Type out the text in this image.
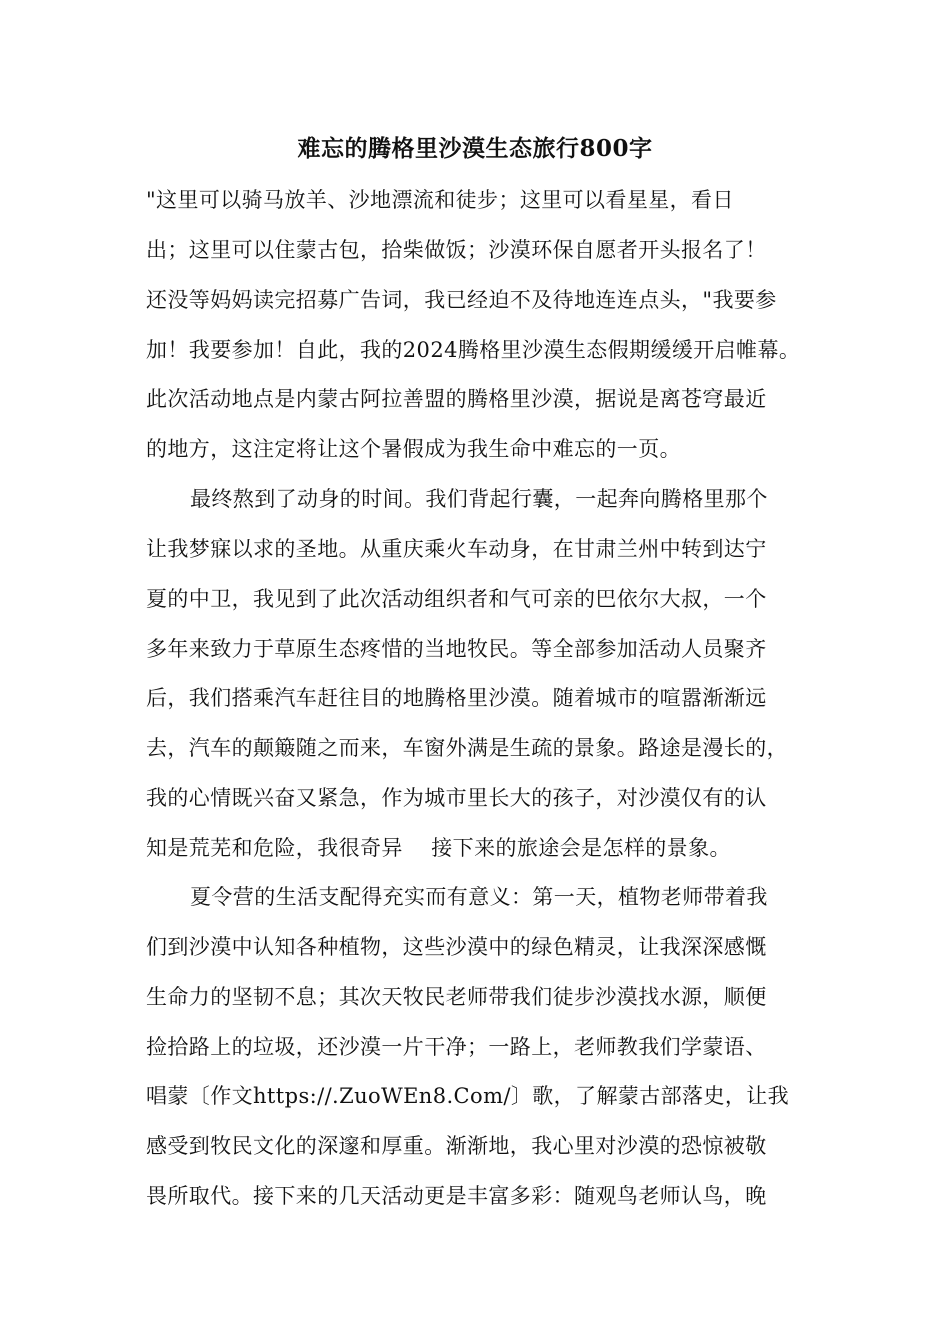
难忘的腾格里沙漠生态旅行800字
"这里可以骑马放羊、沙地漂流和徒步；这里可以看星星，看日
出；这里可以住蒙古包，拾柴做饭；沙漠环保自愿者开头报名了！
还没等妈妈读完招募广告词，我已经迫不及待地连连点头，"我要参
加！我要参加！自此，我的2024腾格里沙漠生态假期缓缓开启帷幕。
此次活动地点是内蒙古阿拉善盟的腾格里沙漠，据说是离苍穹最近
的地方，这注定将让这个暑假成为我生命中难忘的一页。
最终熬到了动身的时间。我们背起行囊，一起奔向腾格里那个
让我梦寐以求的圣地。从重庆乘火车动身，在甘肃兰州中转到达宁
夏的中卫，我见到了此次活动组织者和气可亲的巴依尔大叔，一个
多年来致力于草原生态疼惜的当地牧民。等全部参加活动人员聚齐
后，我们搭乘汽车赶往目的地腾格里沙漠。随着城市的喧嚣渐渐远
去，汽车的颠簸随之而来，车窗外满是生疏的景象。路途是漫长的，
我的心情既兴奋又紧急，作为城市里长大的孩子，对沙漠仅有的认
知是荒芜和危险，我很奇异　 接下来的旅途会是怎样的景象。
夏令营的生活支配得充实而有意义：第一天，植物老师带着我
们到沙漠中认知各种植物，这些沙漠中的绿色精灵，让我深深感慨
生命力的坚韧不息；其次天牧民老师带我们徒步沙漠找水源，顺便
捡拾路上的垃圾，还沙漠一片干净；一路上，老师教我们学蒙语、
唱蒙〔作文https://.ZuoWEn8.Com/〕歌，了解蒙古部落史，让我
感受到牧民文化的深邃和厚重。渐渐地，我心里对沙漠的恐惊被敬
畏所取代。接下来的几天活动更是丰富多彩：随观鸟老师认鸟，晚
